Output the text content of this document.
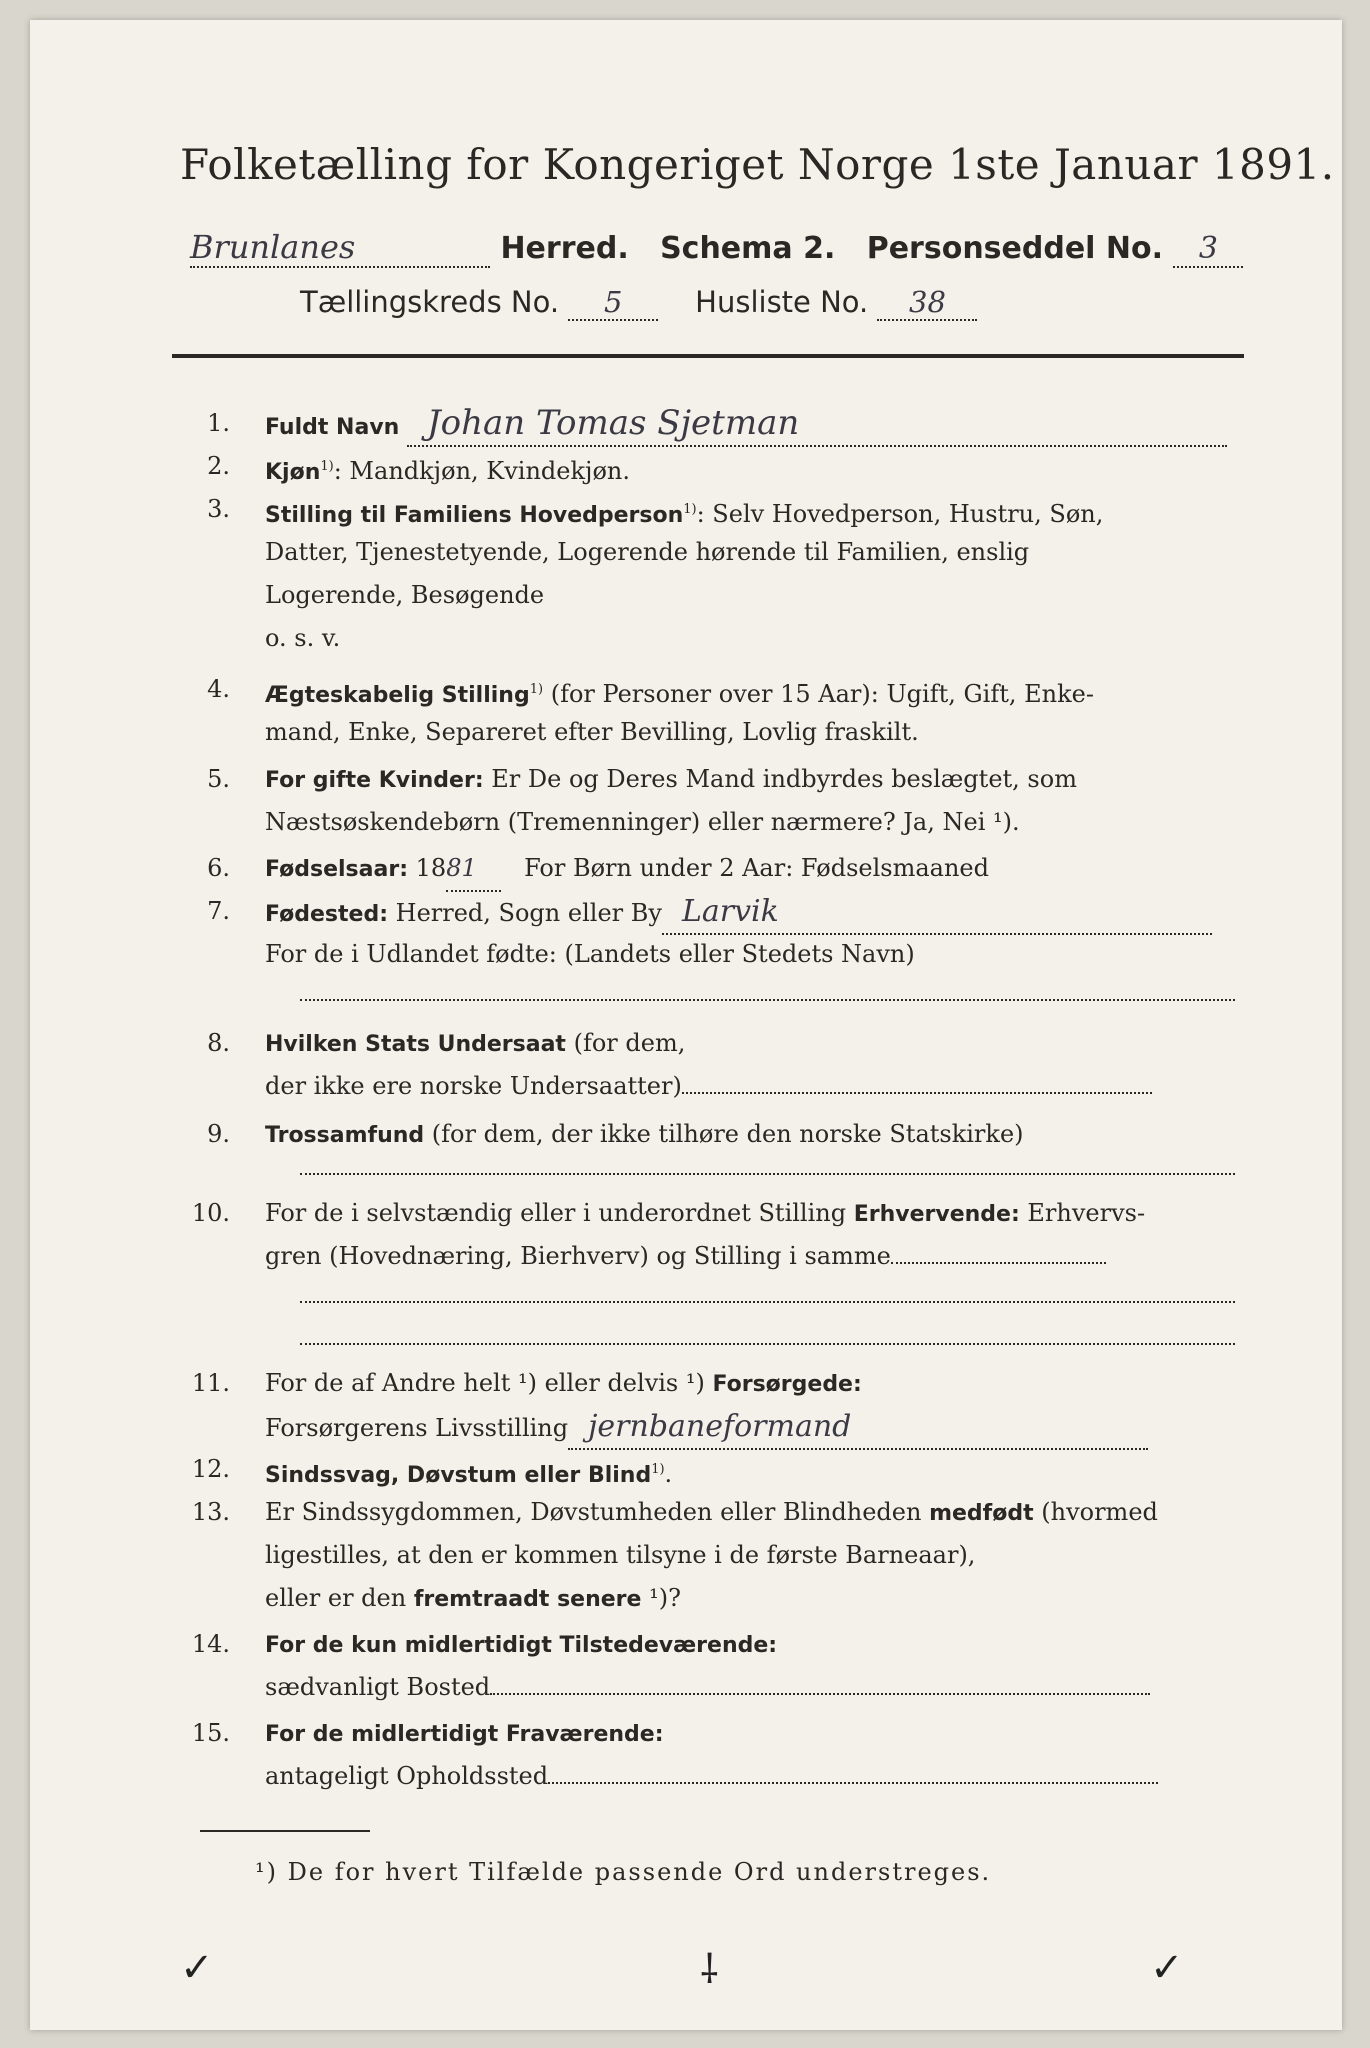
Folketælling for Kongeriget Norge 1ste Januar 1891.
Brunlanes	Herred. Schema 2. Personseddel No. 3
Tællingskreds No. 5	Husliste No. 38
1. Fuldt Navn Johan Tomas Sjetman
2. Kjøn$^{1)}$: Mandkjøn, Kvindekjøn.
3. Stilling til Familiens Hovedperson$^{1)}$: Selv Hovedperson, Hustru, Søn,
Datter, Tjenestetyende, Logerende hørende til Familien, enslig
Logerende, Besøgende
o. s. v.
4. Ægteskabelig Stilling$^{1)}$ (for Personer over 15 Aar): Ugift, Gift, Enke-
mand, Enke, Separeret efter Bevilling, Lovlig fraskilt.
5. For gifte Kvinder: Er De og Deres Mand indbyrdes beslægtet, som
Næstsøskendebørn (Tremenninger) eller nærmere? Ja, Nei ¹).
6. Fødselsaar: 1881 For Børn under 2 Aar: Fødselsmaaned
7. Fødested: Herred, Sogn eller By Larvik
For de i Udlandet fødte: (Landets eller Stedets Navn)
8. Hvilken Stats Undersaat (for dem,
der ikke ere norske Undersaatter)
9. Trossamfund (for dem, der ikke tilhøre den norske Statskirke)
10. For de i selvstændig eller i underordnet Stilling Erhvervende: Erhvervs-
gren (Hovednæring, Bierhverv) og Stilling i samme
11. For de af Andre helt ¹) eller delvis ¹) Forsørgede:
Forsørgerens Livsstilling jernbaneformand
12. Sindssvag, Døvstum eller Blind$^{1)}$.
13. Er Sindssygdommen, Døvstumheden eller Blindheden medfødt (hvormed
ligestilles, at den er kommen tilsyne i de første Barneaar),
eller er den fremtraadt senere ¹)?
14. For de kun midlertidigt Tilstedeværende:
sædvanligt Bosted
15. For de midlertidigt Fraværende:
antageligt Opholdssted
¹) De for hvert Tilfælde passende Ord understreges.
✓	⸸	✓
